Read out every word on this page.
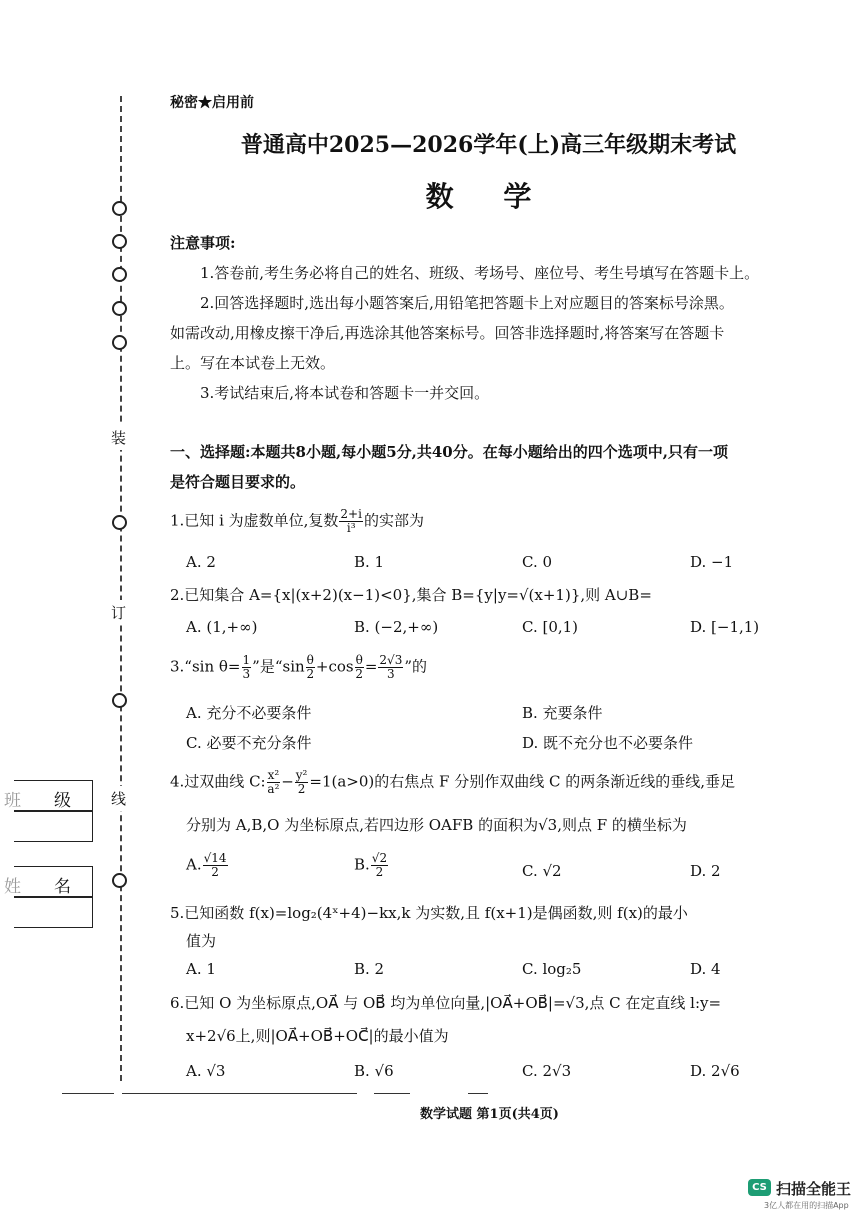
装
订
线
班 级
姓 名
秘密★启用前
普通高中2025—2026学年(上)高三年级期末考试
数 学
注意事项:
1.答卷前,考生务必将自己的姓名、班级、考场号、座位号、考生号填写在答题卡上。
2.回答选择题时,选出每小题答案后,用铅笔把答题卡上对应题目的答案标号涂黑。
如需改动,用橡皮擦干净后,再选涂其他答案标号。回答非选择题时,将答案写在答题卡
上。写在本试卷上无效。
3.考试结束后,将本试卷和答题卡一并交回。
一、选择题:本题共8小题,每小题5分,共40分。在每小题给出的四个选项中,只有一项
是符合题目要求的。
1.已知 i 为虚数单位,复数 $\frac{2+i}{\text{i³}}$ 的实部为
A. 2	B. 1	C. 0	D. −1
2.已知集合 A={x|(x+2)(x−1)<0},集合 B={y|y=√(x+1)},则 A∪B=
A. (1,+∞)	B. (−2,+∞)	C. [0,1)	D. [−1,1)
3.“sin $\theta= \frac{1}{3}$ ”是“$\sin \frac{\theta}{2} +\cos \frac{\theta}{2} = \frac{2√3}{3}$ ”的
A. 充分不必要条件	B. 充要条件
C. 必要不充分条件	D. 既不充分也不必要条件
4.过双曲线 C: $\frac{\text{x²}}{\text{a²}} - \frac{\text{y²}}{2} =1(a>0)$的右焦点 F 分别作双曲线 C 的两条渐近线的垂线,垂足
分别为 A,B,O 为坐标原点,若四边形 OAFB 的面积为√3,则点 F 的横坐标为
A. $\frac{√14}{2}$	B. $\frac{√2}{2}$	C. √2	D. 2
5.已知函数 f(x)=log₂(4ˣ+4)−kx,k 为实数,且 f(x+1)是偶函数,则 f(x)的最小
值为
A. 1	B. 2	C. log₂5	D. 4
6.已知 O 为坐标原点,OA⃗ 与 OB⃗ 均为单位向量,|OA⃗+OB⃗|=√3,点 C 在定直线 l:y=
x+2√6上,则|OA⃗+OB⃗+OC⃗|的最小值为
A. √3	B. √6	C. 2√3	D. 2√6
数学试题 第1页(共4页)
CS 扫描全能王
3亿人都在用的扫描App
